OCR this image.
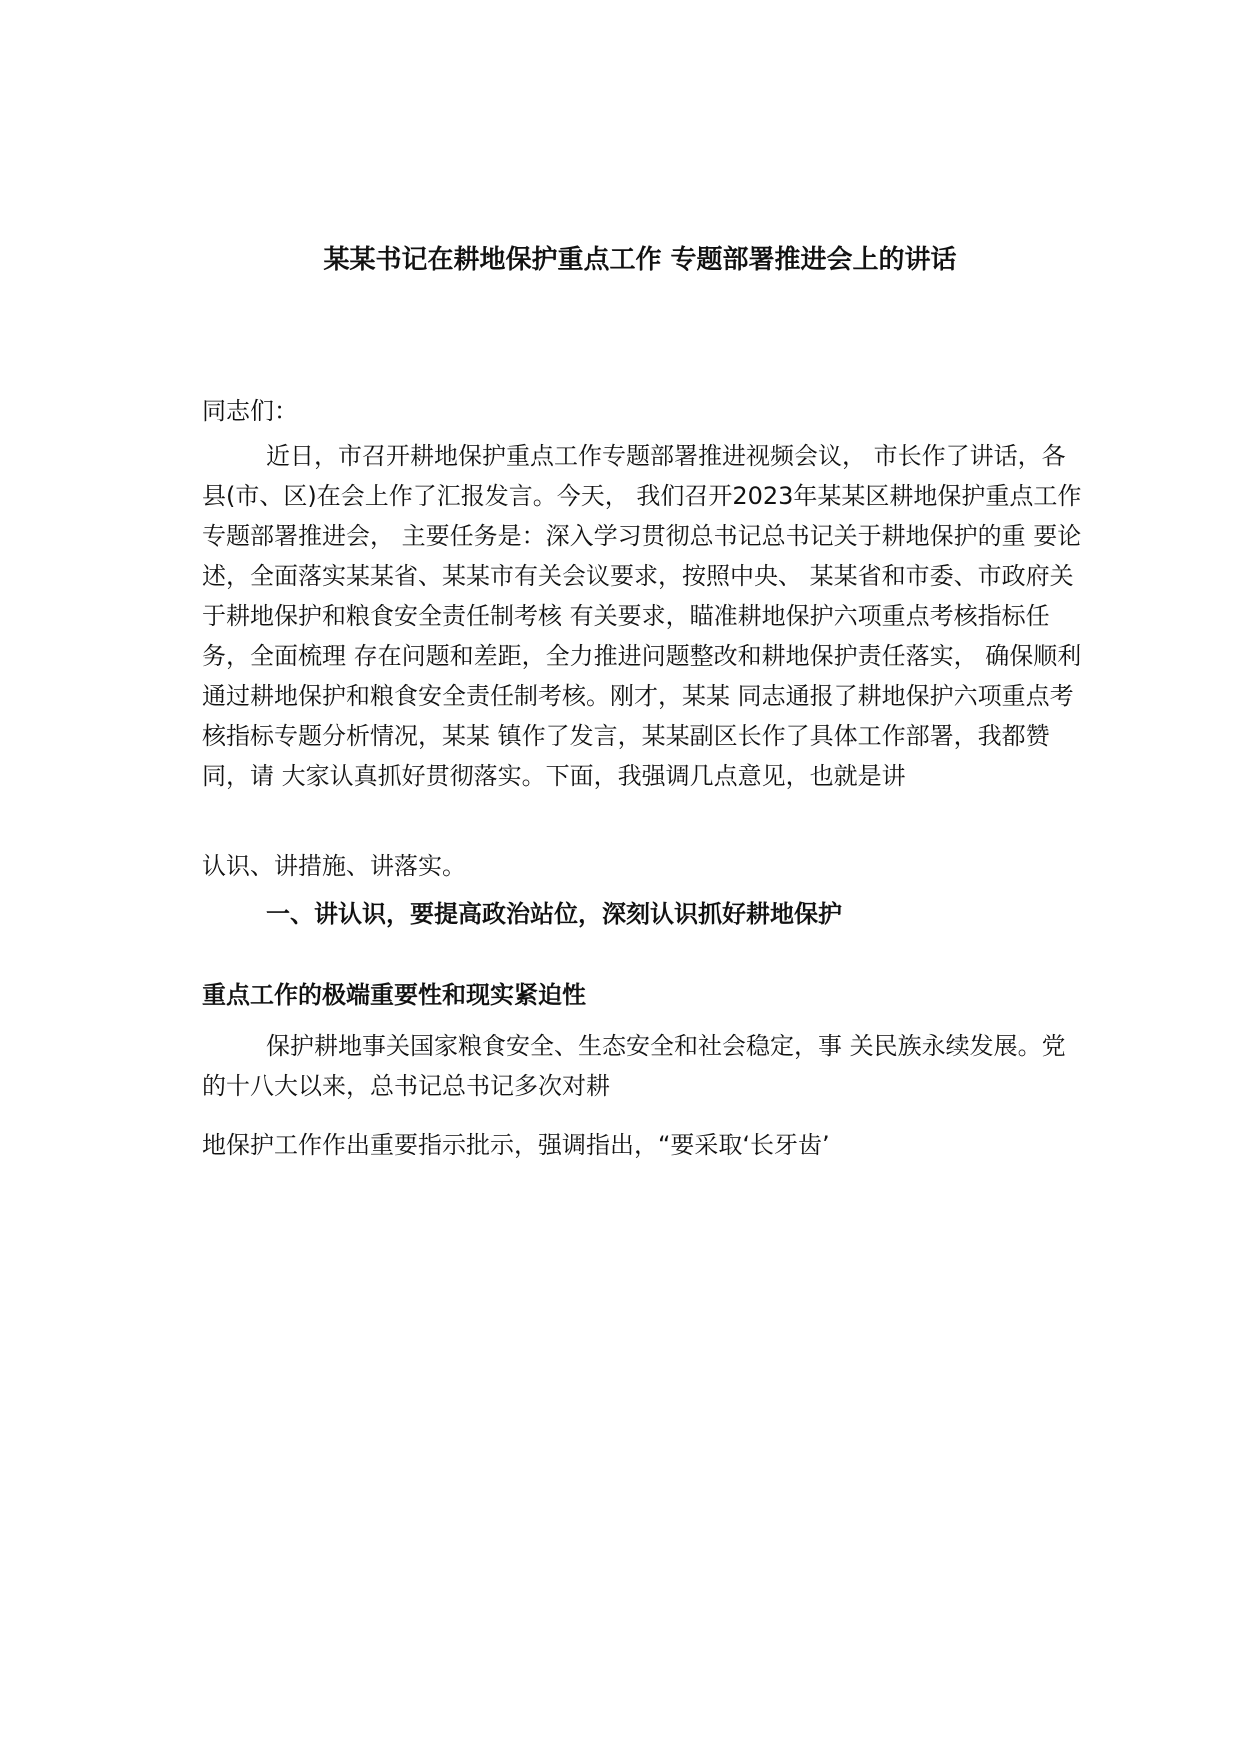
某某书记在耕地保护重点工作 专题部署推进会上的讲话
同志们：
近日，市召开耕地保护重点工作专题部署推进视频会议， 市长作了讲话，各县(市、区)在会上作了汇报发言。今天， 我们召开2023年某某区耕地保护重点工作专题部署推进会， 主要任务是：深入学习贯彻总书记总书记关于耕地保护的重 要论述，全面落实某某省、某某市有关会议要求，按照中央、 某某省和市委、市政府关于耕地保护和粮食安全责任制考核 有关要求，瞄准耕地保护六项重点考核指标任务，全面梳理 存在问题和差距，全力推进问题整改和耕地保护责任落实， 确保顺利通过耕地保护和粮食安全责任制考核。刚才，某某 同志通报了耕地保护六项重点考核指标专题分析情况，某某 镇作了发言，某某副区长作了具体工作部署，我都赞同，请 大家认真抓好贯彻落实。下面，我强调几点意见，也就是讲
认识、讲措施、讲落实。
一、讲认识，要提高政治站位，深刻认识抓好耕地保护
重点工作的极端重要性和现实紧迫性
保护耕地事关国家粮食安全、生态安全和社会稳定，事 关民族永续发展。党的十八大以来，总书记总书记多次对耕
地保护工作作出重要指示批示，强调指出，“要采取‘长牙齿’
